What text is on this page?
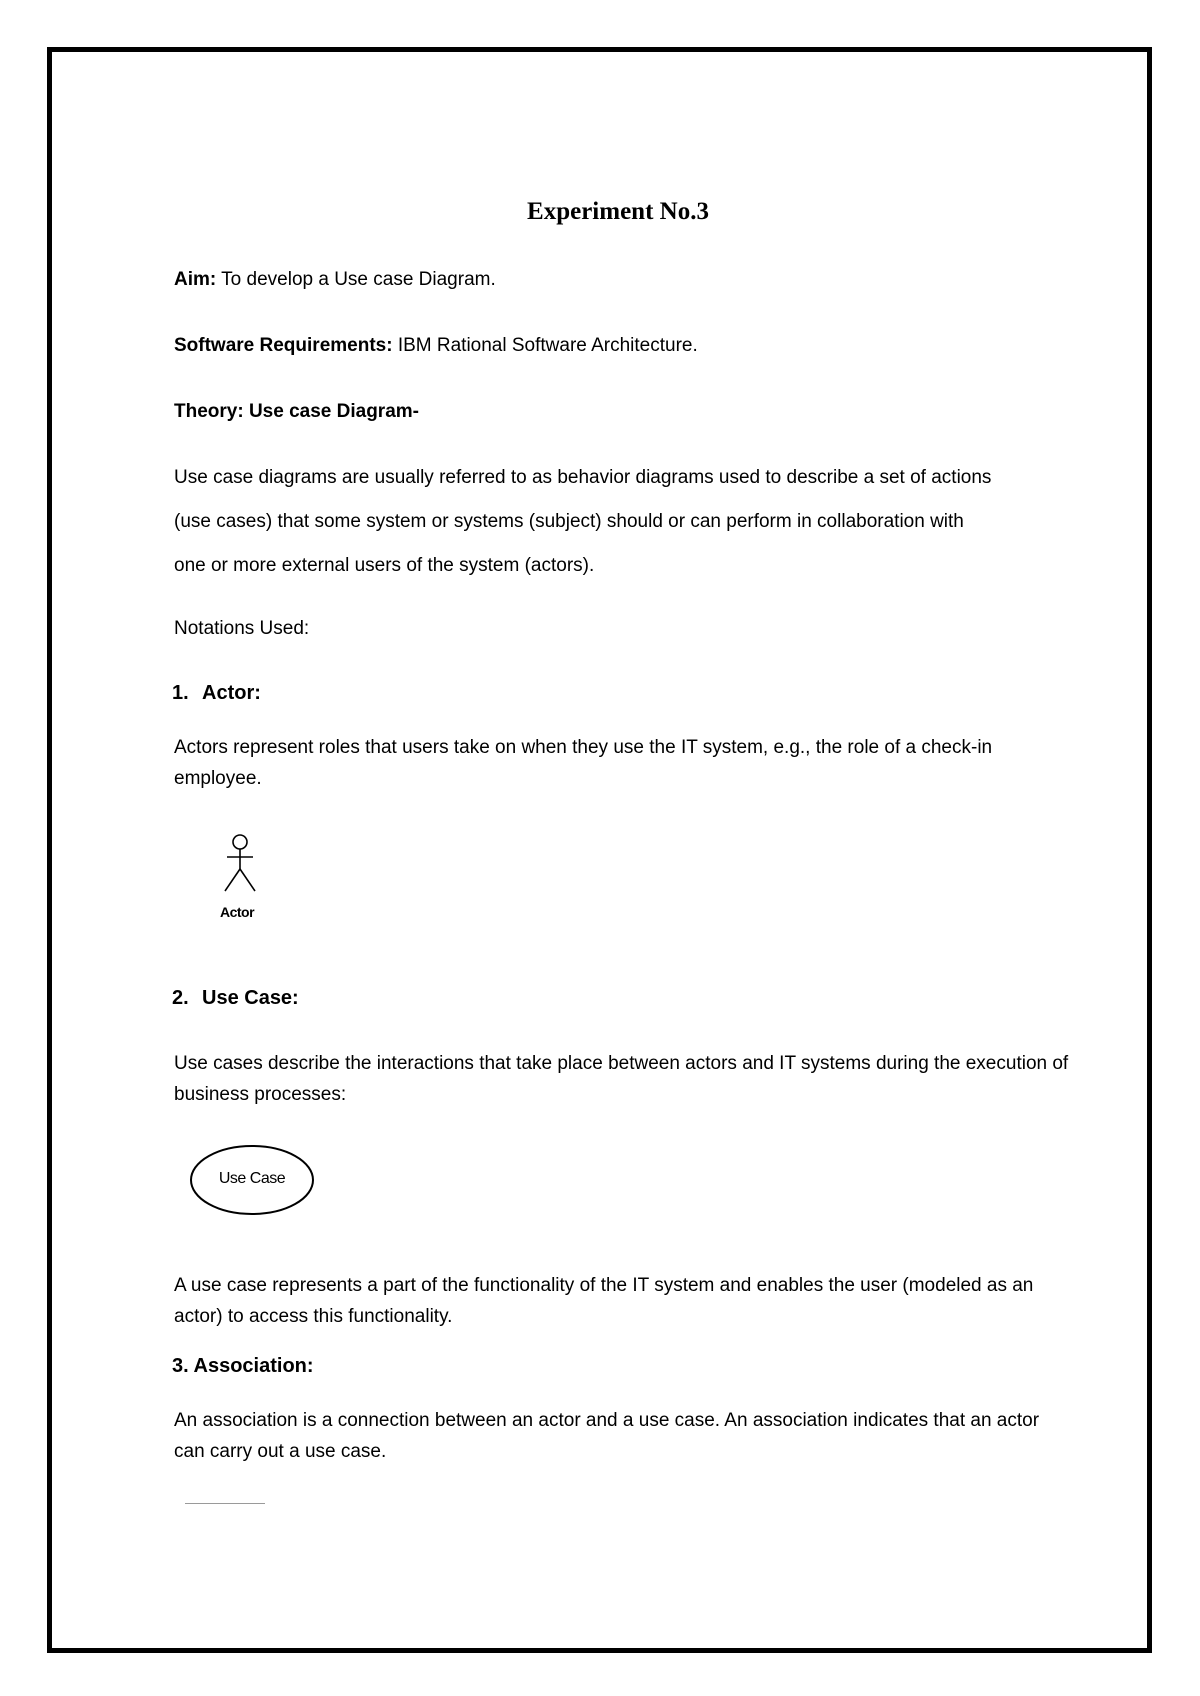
Experiment No.3
Aim: To develop a Use case Diagram.
Software Requirements: IBM Rational Software Architecture.
Theory: Use case Diagram-
Use case diagrams are usually referred to as behavior diagrams used to describe a set of actions
(use cases) that some system or systems (subject) should or can perform in collaboration with
one or more external users of the system (actors).
Notations Used:
1. Actor:
Actors represent roles that users take on when they use the IT system, e.g., the role of a check-in employee.
Actor
2. Use Case:
Use cases describe the interactions that take place between actors and IT systems during the execution of business processes:
Use Case
A use case represents a part of the functionality of the IT system and enables the user (modeled as an actor) to access this functionality.
3. Association:
An association is a connection between an actor and a use case. An association indicates that an actor can carry out a use case.
